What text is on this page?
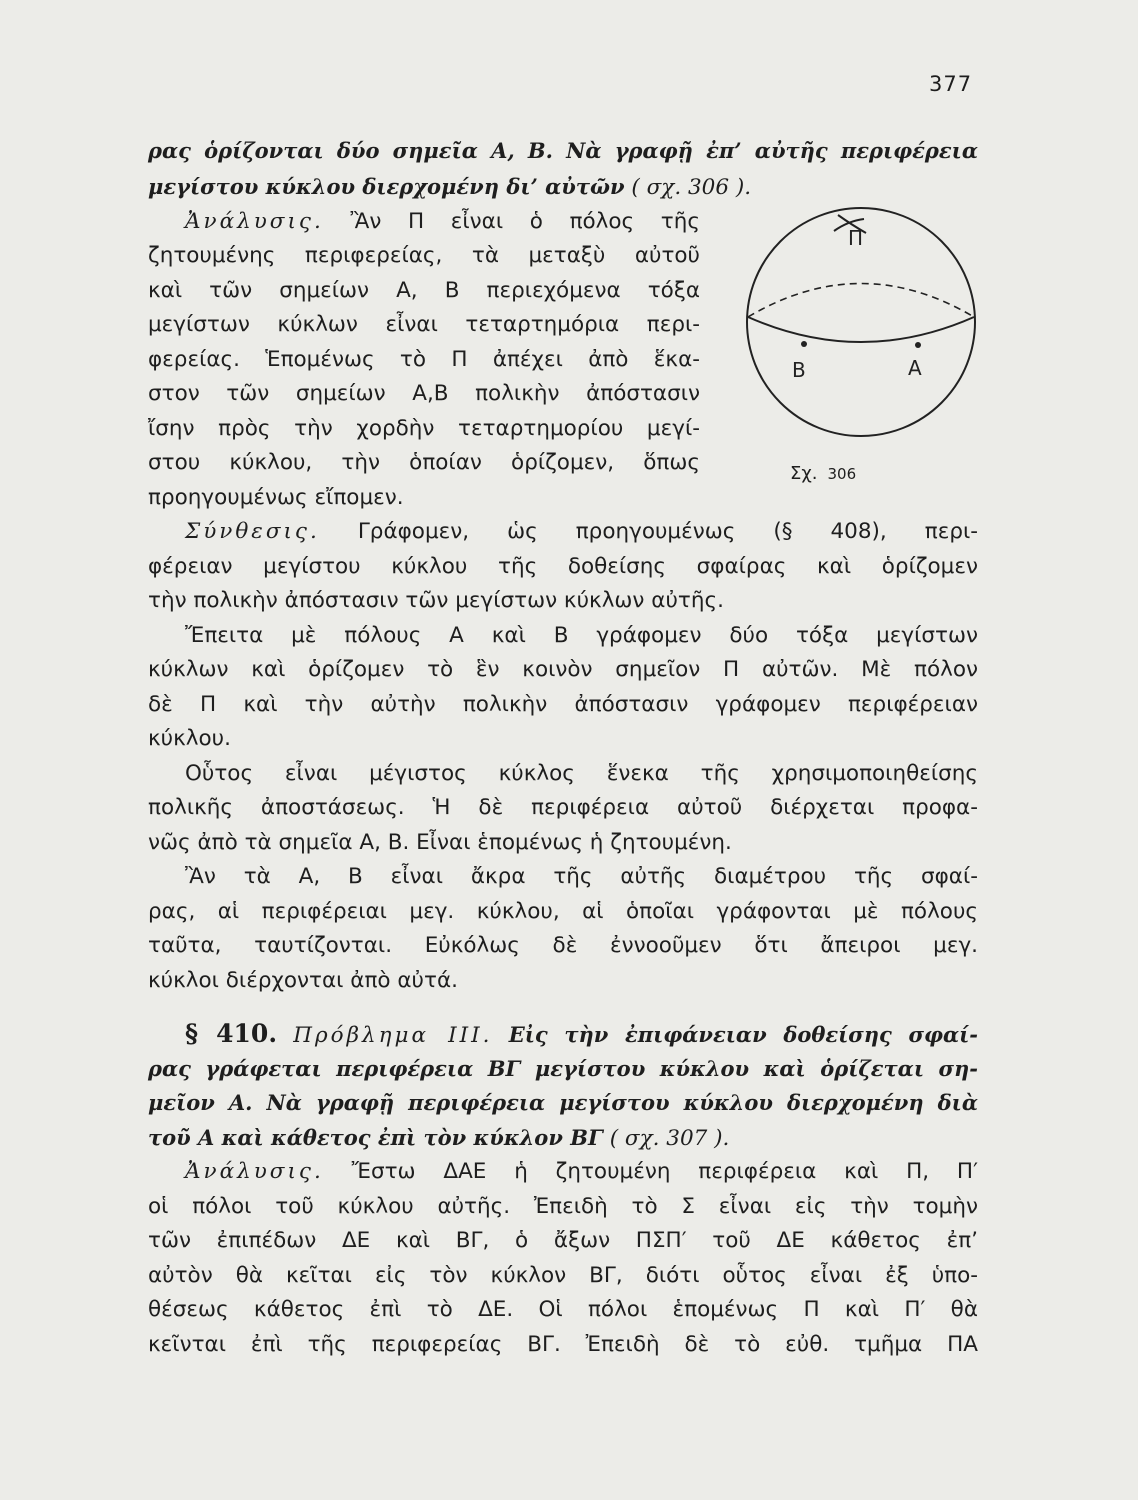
377
ρας ὁρίζονται δύο σημεῖα Α, Β. Νὰ γραφῇ ἐπ’ αὐτῆς περιφέρεια
μεγίστου κύκλου διερχομένη δι’ αὐτῶν ( σχ. 306 ).
Ἀνάλυσις. Ἂν Π εἶναι ὁ πόλος τῆς
ζητουμένης περιφερείας, τὰ μεταξὺ αὐτοῦ
καὶ τῶν σημείων Α, Β περιεχόμενα τόξα
μεγίστων κύκλων εἶναι τεταρτημόρια περι-
φερείας. Ἑπομένως τὸ Π ἀπέχει ἀπὸ ἕκα-
στον τῶν σημείων Α,Β πολικὴν ἀπόστασιν
ἴσην πρὸς τὴν χορδὴν τεταρτημορίου μεγί-
στου κύκλου, τὴν ὁποίαν ὁρίζομεν, ὅπως
προηγουμένως εἴπομεν.
Σύνθεσις. Γράφομεν, ὡς προηγουμένως (§ 408), περι-
φέρειαν μεγίστου κύκλου τῆς δοθείσης σφαίρας καὶ ὁρίζομεν
τὴν πολικὴν ἀπόστασιν τῶν μεγίστων κύκλων αὐτῆς.
Ἔπειτα μὲ πόλους Α καὶ Β γράφομεν δύο τόξα μεγίστων
κύκλων καὶ ὁρίζομεν τὸ ἓν κοινὸν σημεῖον Π αὐτῶν. Μὲ πόλον
δὲ Π καὶ τὴν αὐτὴν πολικὴν ἀπόστασιν γράφομεν περιφέρειαν
κύκλου.
Οὗτος εἶναι μέγιστος κύκλος ἕνεκα τῆς χρησιμοποιηθείσης
πολικῆς ἀποστάσεως. Ἡ δὲ περιφέρεια αὐτοῦ διέρχεται προφα-
νῶς ἀπὸ τὰ σημεῖα Α, Β. Εἶναι ἑπομένως ἡ ζητουμένη.
Ἂν τὰ Α, Β εἶναι ἄκρα τῆς αὐτῆς διαμέτρου τῆς σφαί-
ρας, αἱ περιφέρειαι μεγ. κύκλου, αἱ ὁποῖαι γράφονται μὲ πόλους
ταῦτα, ταυτίζονται. Εὐκόλως δὲ ἐννοοῦμεν ὅτι ἄπειροι μεγ.
κύκλοι διέρχονται ἀπὸ αὐτά.
§ 410. Πρόβλημα ΙΙΙ. Εἰς τὴν ἐπιφάνειαν δοθείσης σφαί-
ρας γράφεται περιφέρεια ΒΓ μεγίστου κύκλου καὶ ὁρίζεται ση-
μεῖον Α. Νὰ γραφῇ περιφέρεια μεγίστου κύκλου διερχομένη διὰ
τοῦ Α καὶ κάθετος ἐπὶ τὸν κύκλον ΒΓ ( σχ. 307 ).
Ἀνάλυσις. Ἔστω ΔΑΕ ἡ ζητουμένη περιφέρεια καὶ Π, Π′
οἱ πόλοι τοῦ κύκλου αὐτῆς. Ἐπειδὴ τὸ Σ εἶναι εἰς τὴν τομὴν
τῶν ἐπιπέδων ΔΕ καὶ ΒΓ, ὁ ἄξων ΠΣΠ′ τοῦ ΔΕ κάθετος ἐπ’
αὐτὸν θὰ κεῖται εἰς τὸν κύκλον ΒΓ, διότι οὗτος εἶναι ἐξ ὑπο-
θέσεως κάθετος ἐπὶ τὸ ΔΕ. Οἱ πόλοι ἑπομένως Π καὶ Π′ θὰ
κεῖνται ἐπὶ τῆς περιφερείας ΒΓ. Ἐπειδὴ δὲ τὸ εὐθ. τμῆμα ΠΑ
Π
Β	Α
Σχ. 306
